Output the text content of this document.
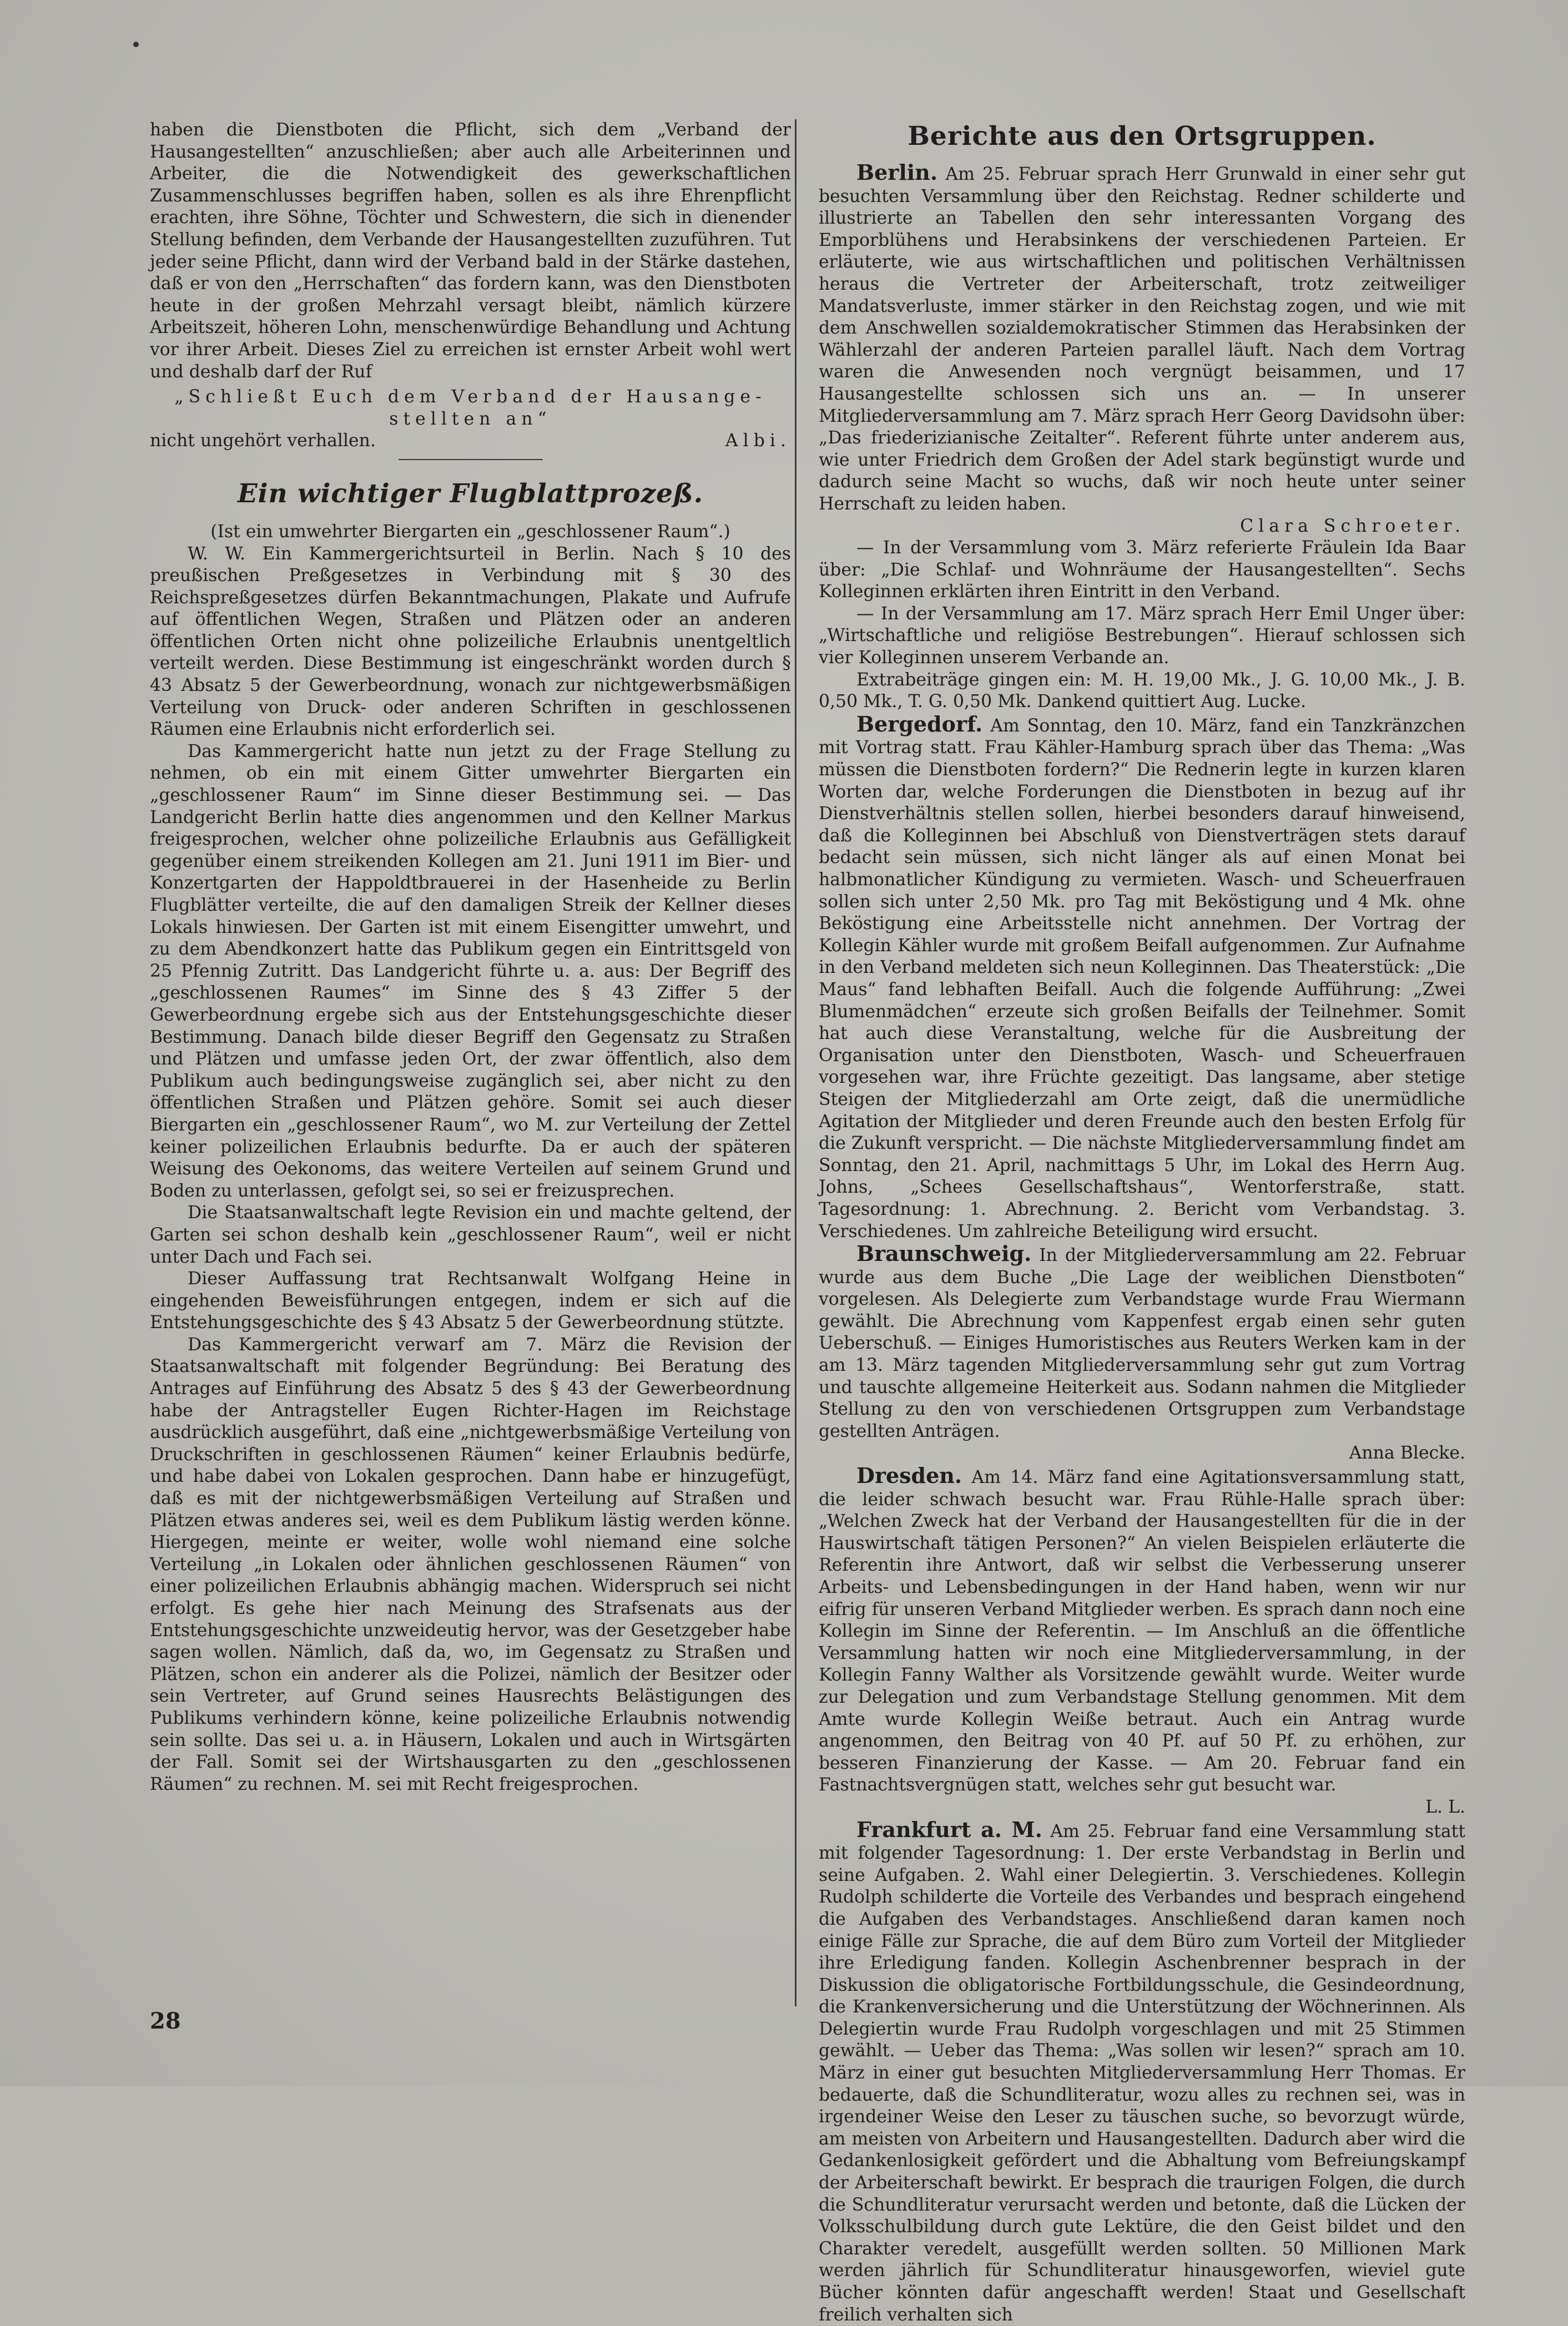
haben die Dienstboten die Pflicht, sich dem „Verband der Hausangestellten“ anzuschließen; aber auch alle Arbeiterinnen und Arbeiter, die die Notwendigkeit des gewerkschaftlichen Zusammenschlusses begriffen haben, sollen es als ihre Ehrenpflicht erachten, ihre Söhne, Töchter und Schwestern, die sich in dienender Stellung befinden, dem Verbande der Hausangestellten zuzuführen. Tut jeder seine Pflicht, dann wird der Verband bald in der Stärke dastehen, daß er von den „Herrschaften“ das fordern kann, was den Dienstboten heute in der großen Mehrzahl versagt bleibt, nämlich kürzere Arbeitszeit, höheren Lohn, menschenwürdige Behandlung und Achtung vor ihrer Arbeit. Dieses Ziel zu erreichen ist ernster Arbeit wohl wert und deshalb darf der Ruf

„Schließt Euch dem Verband der Hausange-

stellten an“

nicht ungehört verhallen.	Albi.

Ein wichtiger Flugblattprozeß.

(Ist ein umwehrter Biergarten ein „geschlossener Raum“.)

W. W. Ein Kammergerichtsurteil in Berlin. Nach § 10 des preußischen Preßgesetzes in Verbindung mit § 30 des Reichspreßgesetzes dürfen Bekanntmachungen, Plakate und Aufrufe auf öffentlichen Wegen, Straßen und Plätzen oder an anderen öffentlichen Orten nicht ohne polizeiliche Erlaubnis unentgeltlich verteilt werden. Diese Bestimmung ist eingeschränkt worden durch § 43 Absatz 5 der Gewerbeordnung, wonach zur nichtgewerbsmäßigen Verteilung von Druck- oder anderen Schriften in geschlossenen Räumen eine Erlaubnis nicht erforderlich sei.

Das Kammergericht hatte nun jetzt zu der Frage Stellung zu nehmen, ob ein mit einem Gitter umwehrter Biergarten ein „geschlossener Raum“ im Sinne dieser Bestimmung sei. — Das Landgericht Berlin hatte dies angenommen und den Kellner Markus freigesprochen, welcher ohne polizeiliche Erlaubnis aus Gefälligkeit gegenüber einem streikenden Kollegen am 21. Juni 1911 im Bier- und Konzertgarten der Happoldtbrauerei in der Hasenheide zu Berlin Flugblätter verteilte, die auf den damaligen Streik der Kellner dieses Lokals hinwiesen. Der Garten ist mit einem Eisengitter umwehrt, und zu dem Abendkonzert hatte das Publikum gegen ein Eintrittsgeld von 25 Pfennig Zutritt. Das Landgericht führte u. a. aus: Der Begriff des „geschlossenen Raumes“ im Sinne des § 43 Ziffer 5 der Gewerbeordnung ergebe sich aus der Entstehungsgeschichte dieser Bestimmung. Danach bilde dieser Begriff den Gegensatz zu Straßen und Plätzen und umfasse jeden Ort, der zwar öffentlich, also dem Publikum auch bedingungsweise zugänglich sei, aber nicht zu den öffentlichen Straßen und Plätzen gehöre. Somit sei auch dieser Biergarten ein „geschlossener Raum“, wo M. zur Verteilung der Zettel keiner polizeilichen Erlaubnis bedurfte. Da er auch der späteren Weisung des Oekonoms, das weitere Verteilen auf seinem Grund und Boden zu unterlassen, gefolgt sei, so sei er freizusprechen.

Die Staatsanwaltschaft legte Revision ein und machte geltend, der Garten sei schon deshalb kein „geschlossener Raum“, weil er nicht unter Dach und Fach sei.

Dieser Auffassung trat Rechtsanwalt Wolfgang Heine in eingehenden Beweisführungen entgegen, indem er sich auf die Entstehungsgeschichte des § 43 Absatz 5 der Gewerbeordnung stützte.

Das Kammergericht verwarf am 7. März die Revision der Staatsanwaltschaft mit folgender Begründung: Bei Beratung des Antrages auf Einführung des Absatz 5 des § 43 der Gewerbeordnung habe der Antragsteller Eugen Richter-Hagen im Reichstage ausdrücklich ausgeführt, daß eine „nichtgewerbsmäßige Verteilung von Druckschriften in geschlossenen Räumen“ keiner Erlaubnis bedürfe, und habe dabei von Lokalen gesprochen. Dann habe er hinzugefügt, daß es mit der nichtgewerbsmäßigen Verteilung auf Straßen und Plätzen etwas anderes sei, weil es dem Publikum lästig werden könne. Hiergegen, meinte er weiter, wolle wohl niemand eine solche Verteilung „in Lokalen oder ähnlichen geschlossenen Räumen“ von einer polizeilichen Erlaubnis abhängig machen. Widerspruch sei nicht erfolgt. Es gehe hier nach Meinung des Strafsenats aus der Entstehungsgeschichte unzweideutig hervor, was der Gesetzgeber habe sagen wollen. Nämlich, daß da, wo, im Gegensatz zu Straßen und Plätzen, schon ein anderer als die Polizei, nämlich der Besitzer oder sein Vertreter, auf Grund seines Hausrechts Belästigungen des Publikums verhindern könne, keine polizeiliche Erlaubnis notwendig sein sollte. Das sei u. a. in Häusern, Lokalen und auch in Wirtsgärten der Fall. Somit sei der Wirtshausgarten zu den „geschlossenen Räumen“ zu rechnen. M. sei mit Recht freigesprochen.

Berichte aus den Ortsgruppen.

Berlin. Am 25. Februar sprach Herr Grunwald in einer sehr gut besuchten Versammlung über den Reichstag. Redner schilderte und illustrierte an Tabellen den sehr interessanten Vorgang des Emporblühens und Herabsinkens der verschiedenen Parteien. Er erläuterte, wie aus wirtschaftlichen und politischen Verhältnissen heraus die Vertreter der Arbeiterschaft, trotz zeitweiliger Mandatsverluste, immer stärker in den Reichstag zogen, und wie mit dem Anschwellen sozialdemokratischer Stimmen das Herabsinken der Wählerzahl der anderen Parteien parallel läuft. Nach dem Vortrag waren die Anwesenden noch vergnügt beisammen, und 17 Hausangestellte schlossen sich uns an. — In unserer Mitgliederversammlung am 7. März sprach Herr Georg Davidsohn über: „Das friederizianische Zeitalter“. Referent führte unter anderem aus, wie unter Friedrich dem Großen der Adel stark begünstigt wurde und dadurch seine Macht so wuchs, daß wir noch heute unter seiner Herrschaft zu leiden haben.
Clara Schroeter.

— In der Versammlung vom 3. März referierte Fräulein Ida Baar über: „Die Schlaf- und Wohnräume der Hausangestellten“. Sechs Kolleginnen erklärten ihren Eintritt in den Verband.

— In der Versammlung am 17. März sprach Herr Emil Unger über: „Wirtschaftliche und religiöse Bestrebungen“. Hierauf schlossen sich vier Kolleginnen unserem Verbande an.

Extrabeiträge gingen ein: M. H. 19,00 Mk., J. G. 10,00 Mk., J. B. 0,50 Mk., T. G. 0,50 Mk. Dankend quittiert Aug. Lucke.

Bergedorf. Am Sonntag, den 10. März, fand ein Tanzkränzchen mit Vortrag statt. Frau Kähler-Hamburg sprach über das Thema: „Was müssen die Dienstboten fordern?“ Die Rednerin legte in kurzen klaren Worten dar, welche Forderungen die Dienstboten in bezug auf ihr Dienstverhältnis stellen sollen, hierbei besonders darauf hinweisend, daß die Kolleginnen bei Abschluß von Dienstverträgen stets darauf bedacht sein müssen, sich nicht länger als auf einen Monat bei halbmonatlicher Kündigung zu vermieten. Wasch- und Scheuerfrauen sollen sich unter 2,50 Mk. pro Tag mit Beköstigung und 4 Mk. ohne Beköstigung eine Arbeitsstelle nicht annehmen. Der Vortrag der Kollegin Kähler wurde mit großem Beifall aufgenommen. Zur Aufnahme in den Verband meldeten sich neun Kolleginnen. Das Theaterstück: „Die Maus“ fand lebhaften Beifall. Auch die folgende Aufführung: „Zwei Blumenmädchen“ erzeute sich großen Beifalls der Teilnehmer. Somit hat auch diese Veranstaltung, welche für die Ausbreitung der Organisation unter den Dienstboten, Wasch- und Scheuerfrauen vorgesehen war, ihre Früchte gezeitigt. Das langsame, aber stetige Steigen der Mitgliederzahl am Orte zeigt, daß die unermüdliche Agitation der Mitglieder und deren Freunde auch den besten Erfolg für die Zukunft verspricht. — Die nächste Mitgliederversammlung findet am Sonntag, den 21. April, nachmittags 5 Uhr, im Lokal des Herrn Aug. Johns, „Schees Gesellschaftshaus“, Wentorferstraße, statt. Tagesordnung: 1. Abrechnung. 2. Bericht vom Verbandstag. 3. Verschiedenes. Um zahlreiche Beteiligung wird ersucht.

Braunschweig. In der Mitgliederversammlung am 22. Februar wurde aus dem Buche „Die Lage der weiblichen Dienstboten“ vorgelesen. Als Delegierte zum Verbandstage wurde Frau Wiermann gewählt. Die Abrechnung vom Kappenfest ergab einen sehr guten Ueberschuß. — Einiges Humoristisches aus Reuters Werken kam in der am 13. März tagenden Mitgliederversammlung sehr gut zum Vortrag und tauschte allgemeine Heiterkeit aus. Sodann nahmen die Mitglieder Stellung zu den von verschiedenen Ortsgruppen zum Verbandstage gestellten Anträgen.
Anna Blecke.

Dresden. Am 14. März fand eine Agitationsversammlung statt, die leider schwach besucht war. Frau Rühle-Halle sprach über: „Welchen Zweck hat der Verband der Hausangestellten für die in der Hauswirtschaft tätigen Personen?“ An vielen Beispielen erläuterte die Referentin ihre Antwort, daß wir selbst die Verbesserung unserer Arbeits- und Lebensbedingungen in der Hand haben, wenn wir nur eifrig für unseren Verband Mitglieder werben. Es sprach dann noch eine Kollegin im Sinne der Referentin. — Im Anschluß an die öffentliche Versammlung hatten wir noch eine Mitgliederversammlung, in der Kollegin Fanny Walther als Vorsitzende gewählt wurde. Weiter wurde zur Delegation und zum Verbandstage Stellung genommen. Mit dem Amte wurde Kollegin Weiße betraut. Auch ein Antrag wurde angenommen, den Beitrag von 40 Pf. auf 50 Pf. zu erhöhen, zur besseren Finanzierung der Kasse. — Am 20. Februar fand ein Fastnachtsvergnügen statt, welches sehr gut besucht war.
L. L.

Frankfurt a. M. Am 25. Februar fand eine Versammlung statt mit folgender Tagesordnung: 1. Der erste Verbandstag in Berlin und seine Aufgaben. 2. Wahl einer Delegiertin. 3. Verschiedenes. Kollegin Rudolph schilderte die Vorteile des Verbandes und besprach eingehend die Aufgaben des Verbandstages. Anschließend daran kamen noch einige Fälle zur Sprache, die auf dem Büro zum Vorteil der Mitglieder ihre Erledigung fanden. Kollegin Aschenbrenner besprach in der Diskussion die obligatorische Fortbildungsschule, die Gesindeordnung, die Krankenversicherung und die Unterstützung der Wöchnerinnen. Als Delegiertin wurde Frau Rudolph vorgeschlagen und mit 25 Stimmen gewählt. — Ueber das Thema: „Was sollen wir lesen?“ sprach am 10. März in einer gut besuchten Mitgliederversammlung Herr Thomas. Er bedauerte, daß die Schundliteratur, wozu alles zu rechnen sei, was in irgendeiner Weise den Leser zu täuschen suche, so bevorzugt würde, am meisten von Arbeitern und Hausangestellten. Dadurch aber wird die Gedankenlosigkeit gefördert und die Abhaltung vom Befreiungskampf der Arbeiterschaft bewirkt. Er besprach die traurigen Folgen, die durch die Schundliteratur verursacht werden und betonte, daß die Lücken der Volksschulbildung durch gute Lektüre, die den Geist bildet und den Charakter veredelt, ausgefüllt werden sollten. 50 Millionen Mark werden jährlich für Schundliteratur hinausgeworfen, wieviel gute Bücher könnten dafür angeschafft werden! Staat und Gesellschaft freilich verhalten sich

28
